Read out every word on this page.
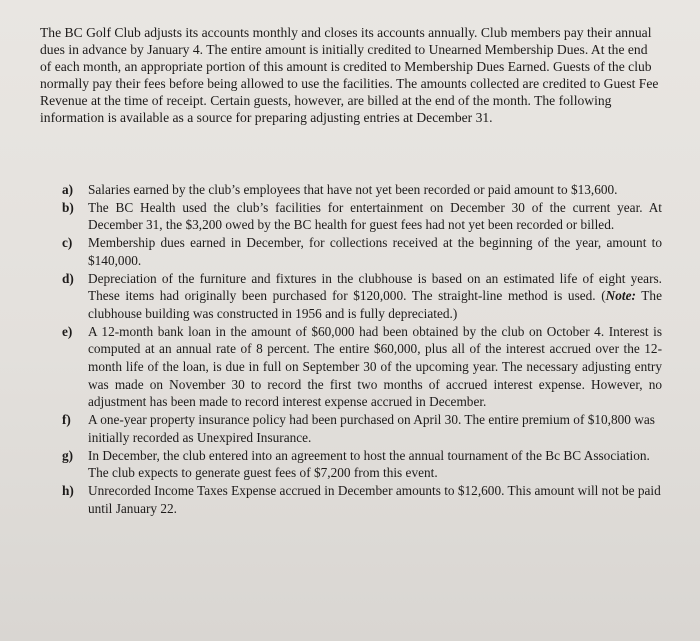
The BC Golf Club adjusts its accounts monthly and closes its accounts annually. Club members pay their annual dues in advance by January 4. The entire amount is initially credited to Unearned Membership Dues. At the end of each month, an appropriate portion of this amount is credited to Membership Dues Earned. Guests of the club normally pay their fees before being allowed to use the facilities. The amounts collected are credited to Guest Fee Revenue at the time of receipt. Certain guests, however, are billed at the end of the month. The following information is available as a source for preparing adjusting entries at December 31.

a)	Salaries earned by the club’s employees that have not yet been recorded or paid amount to $13,600.
b)	The BC Health used the club’s facilities for entertainment on December 30 of the current year. At December 31, the $3,200 owed by the BC health for guest fees had not yet been recorded or billed.
c)	Membership dues earned in December, for collections received at the beginning of the year, amount to $140,000.
d)	Depreciation of the furniture and fixtures in the clubhouse is based on an estimated life of eight years. These items had originally been purchased for $120,000. The straight-line method is used. (Note: The clubhouse building was constructed in 1956 and is fully depreciated.)
e)	A 12-month bank loan in the amount of $60,000 had been obtained by the club on October 4. Interest is computed at an annual rate of 8 percent. The entire $60,000, plus all of the interest accrued over the 12-month life of the loan, is due in full on September 30 of the upcoming year. The necessary adjusting entry was made on November 30 to record the first two months of accrued interest expense. However, no adjustment has been made to record interest expense accrued in December.
f)	A one-year property insurance policy had been purchased on April 30. The entire premium of $10,800 was initially recorded as Unexpired Insurance.
g)	In December, the club entered into an agreement to host the annual tournament of the Bc BC Association. The club expects to generate guest fees of $7,200 from this event.
h)	Unrecorded Income Taxes Expense accrued in December amounts to $12,600. This amount will not be paid until January 22.
